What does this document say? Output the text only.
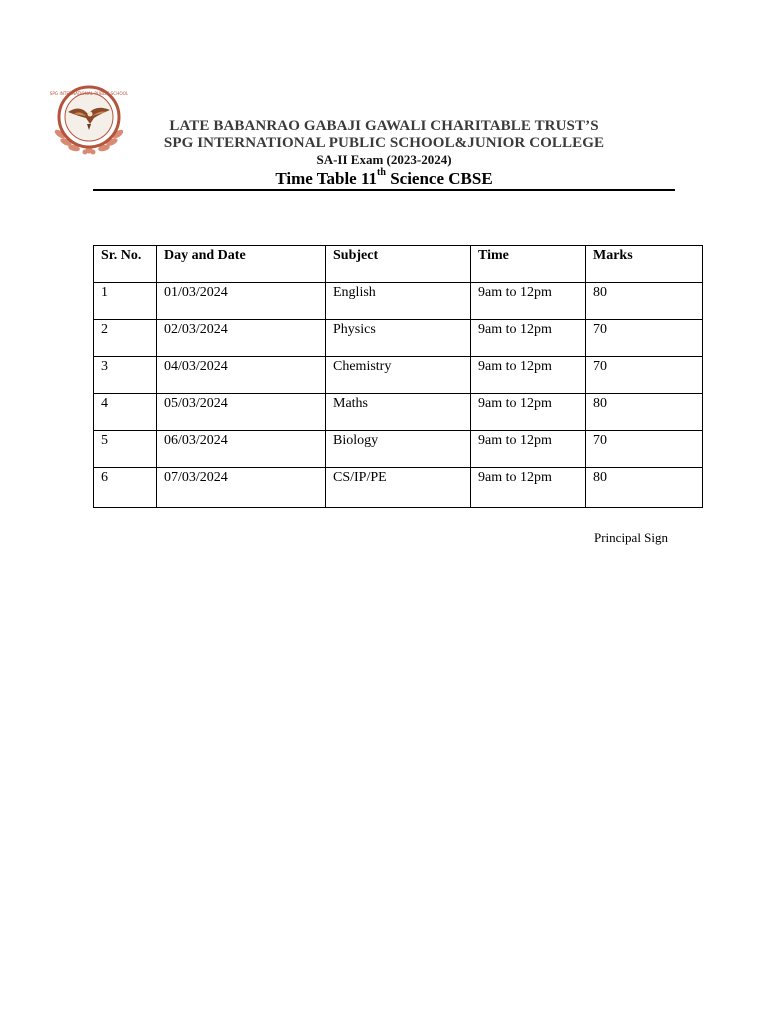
SPG INTERNATIONAL PUBLIC SCHOOL
LATE BABANRAO GABAJI GAWALI CHARITABLE TRUST’S
SPG INTERNATIONAL PUBLIC SCHOOL&JUNIOR COLLEGE
SA-II Exam (2023-2024)
Time Table 11th Science CBSE
Sr. No.	Day and Date	Subject	Time	Marks
1	01/03/2024	English	9am to 12pm	80
2	02/03/2024	Physics	9am to 12pm	70
3	04/03/2024	Chemistry	9am to 12pm	70
4	05/03/2024	Maths	9am to 12pm	80
5	06/03/2024	Biology	9am to 12pm	70
6	07/03/2024	CS/IP/PE	9am to 12pm	80
Principal Sign
